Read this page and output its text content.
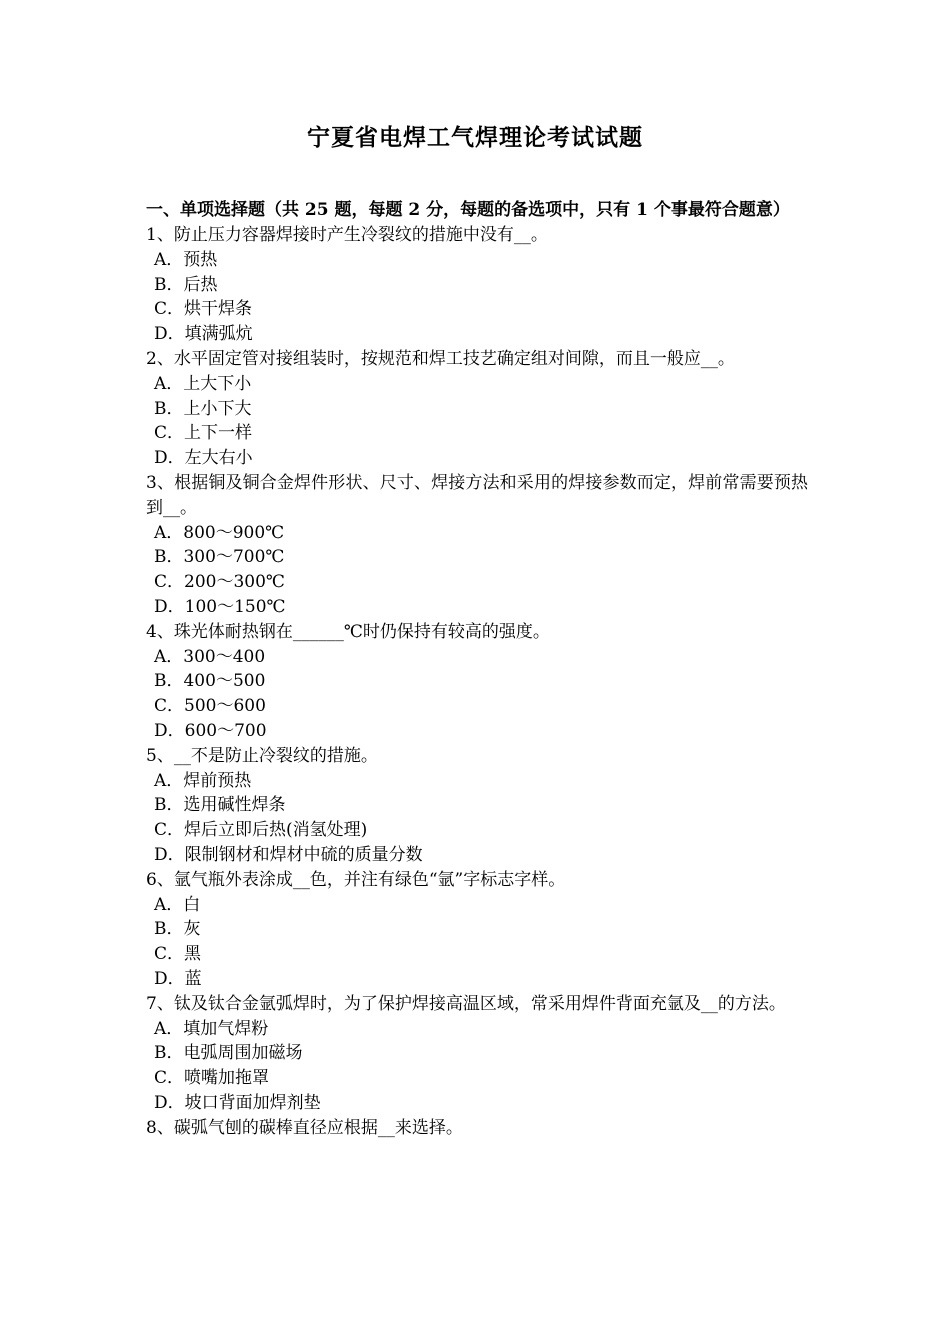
宁夏省电焊工气焊理论考试试题
一、单项选择题（共 25 题，每题 2 分，每题的备选项中，只有 1 个事最符合题意）
1、防止压力容器焊接时产生冷裂纹的措施中没有__。
A．预热
B．后热
C．烘干焊条
D．填满弧炕
2、水平固定管对接组装时，按规范和焊工技艺确定组对间隙，而且一般应__。
A．上大下小
B．上小下大
C．上下一样
D．左大右小
3、根据铜及铜合金焊件形状、尺寸、焊接方法和采用的焊接参数而定，焊前常需要预热到__。
A．800～900℃
B．300～700℃
C．200～300℃
D．100～150℃
4、珠光体耐热钢在______℃时仍保持有较高的强度。
A．300～400
B．400～500
C．500～600
D．600～700
5、__不是防止冷裂纹的措施。
A．焊前预热
B．选用碱性焊条
C．焊后立即后热(消氢处理)
D．限制钢材和焊材中硫的质量分数
6、氩气瓶外表涂成__色，并注有绿色“氩”字标志字样。
A．白
B．灰
C．黑
D．蓝
7、钛及钛合金氩弧焊时，为了保护焊接高温区域，常采用焊件背面充氩及__的方法。
A．填加气焊粉
B．电弧周围加磁场
C．喷嘴加拖罩
D．坡口背面加焊剂垫
8、碳弧气刨的碳棒直径应根据__来选择。
